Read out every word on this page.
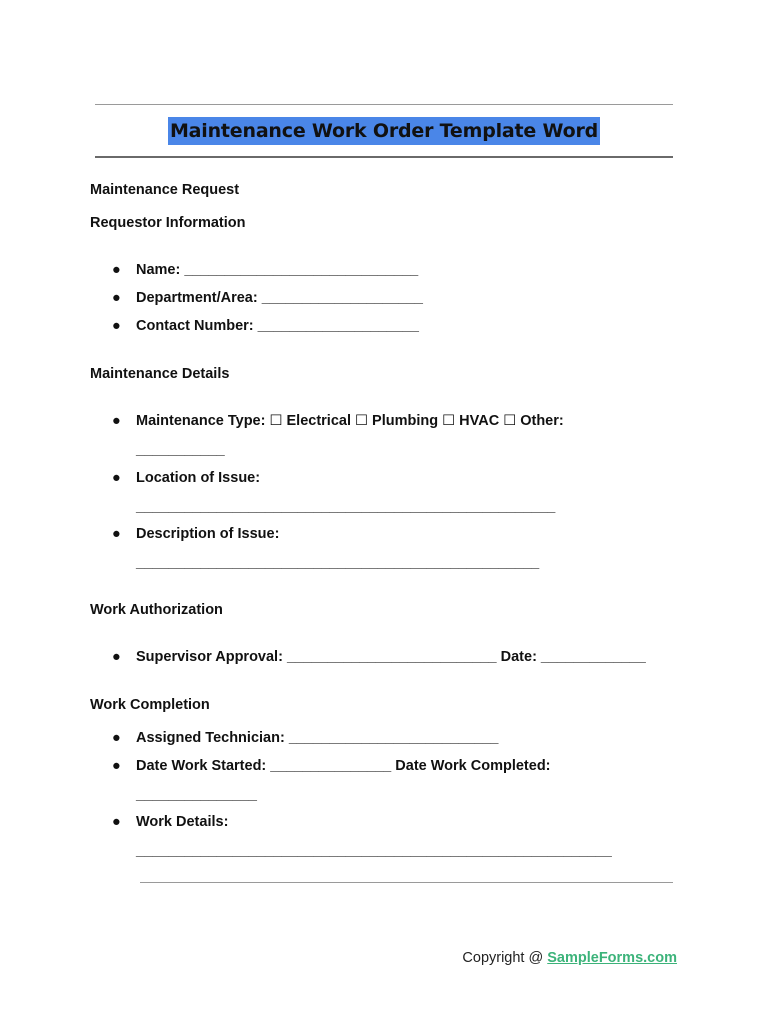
Maintenance Work Order Template Word
Maintenance Request
Requestor Information
● Name: _____________________________
● Department/Area: ____________________
● Contact Number: ____________________
Maintenance Details
● Maintenance Type: ☐ Electrical ☐ Plumbing ☐ HVAC ☐ Other:
___________
● Location of Issue:
____________________________________________________
● Description of Issue:
__________________________________________________
Work Authorization
● Supervisor Approval: __________________________ Date: _____________
Work Completion
● Assigned Technician: __________________________
● Date Work Started: _______________ Date Work Completed:
_______________
● Work Details:
___________________________________________________________
Copyright @ SampleForms.com
